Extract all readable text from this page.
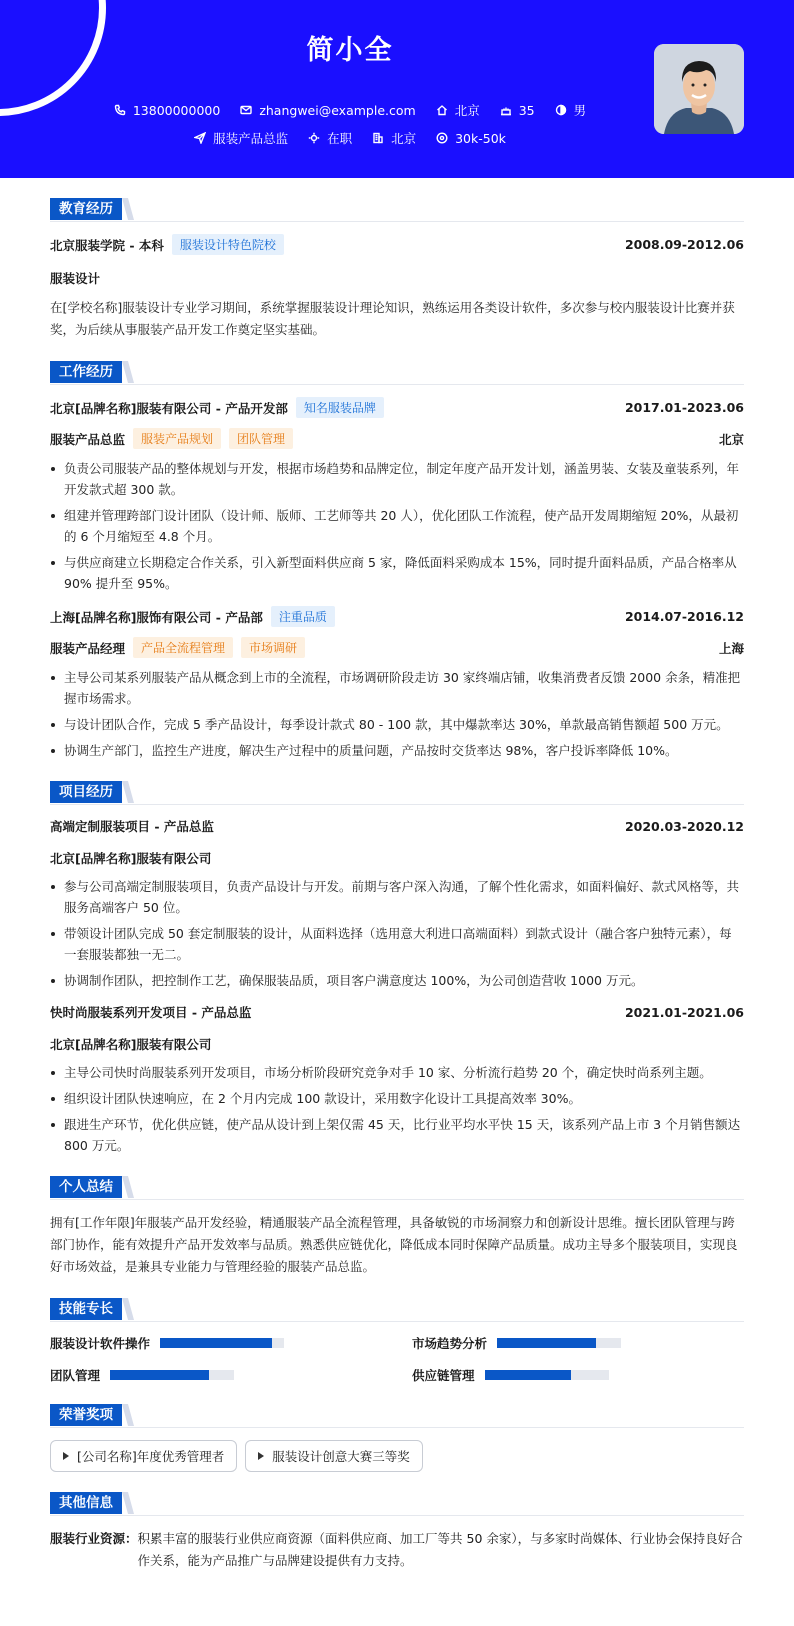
简小全
13800000000	zhangwei@example.com	北京	35	男
服装产品总监	在职	北京	30k-50k
教育经历
北京服装学院 - 本科	服装设计特色院校	2008.09-2012.06
服装设计
在[学校名称]服装设计专业学习期间，系统掌握服装设计理论知识，熟练运用各类设计软件，多次参与校内服装设计比赛并获奖，为后续从事服装产品开发工作奠定坚实基础。
工作经历
北京[品牌名称]服装有限公司 - 产品开发部	知名服装品牌	2017.01-2023.06
服装产品总监	服装产品规划	团队管理	北京
负责公司服装产品的整体规划与开发，根据市场趋势和品牌定位，制定年度产品开发计划，涵盖男装、女装及童装系列，年开发款式超 300 款。
组建并管理跨部门设计团队（设计师、版师、工艺师等共 20 人），优化团队工作流程，使产品开发周期缩短 20%，从最初的 6 个月缩短至 4.8 个月。
与供应商建立长期稳定合作关系，引入新型面料供应商 5 家，降低面料采购成本 15%，同时提升面料品质，产品合格率从 90% 提升至 95%。
上海[品牌名称]服饰有限公司 - 产品部	注重品质	2014.07-2016.12
服装产品经理	产品全流程管理	市场调研	上海
主导公司某系列服装产品从概念到上市的全流程，市场调研阶段走访 30 家终端店铺，收集消费者反馈 2000 余条，精准把握市场需求。
与设计团队合作，完成 5 季产品设计，每季设计款式 80 - 100 款，其中爆款率达 30%，单款最高销售额超 500 万元。
协调生产部门，监控生产进度，解决生产过程中的质量问题，产品按时交货率达 98%，客户投诉率降低 10%。
项目经历
高端定制服装项目 - 产品总监	2020.03-2020.12
北京[品牌名称]服装有限公司
参与公司高端定制服装项目，负责产品设计与开发。前期与客户深入沟通，了解个性化需求，如面料偏好、款式风格等，共服务高端客户 50 位。
带领设计团队完成 50 套定制服装的设计，从面料选择（选用意大利进口高端面料）到款式设计（融合客户独特元素），每一套服装都独一无二。
协调制作团队，把控制作工艺，确保服装品质，项目客户满意度达 100%，为公司创造营收 1000 万元。
快时尚服装系列开发项目 - 产品总监	2021.01-2021.06
北京[品牌名称]服装有限公司
主导公司快时尚服装系列开发项目，市场分析阶段研究竞争对手 10 家、分析流行趋势 20 个，确定快时尚系列主题。
组织设计团队快速响应，在 2 个月内完成 100 款设计，采用数字化设计工具提高效率 30%。
跟进生产环节，优化供应链，使产品从设计到上架仅需 45 天，比行业平均水平快 15 天，该系列产品上市 3 个月销售额达 800 万元。
个人总结
拥有[工作年限]年服装产品开发经验，精通服装产品全流程管理，具备敏锐的市场洞察力和创新设计思维。擅长团队管理与跨部门协作，能有效提升产品开发效率与品质。熟悉供应链优化，降低成本同时保障产品质量。成功主导多个服装项目，实现良好市场效益，是兼具专业能力与管理经验的服装产品总监。
技能专长
服装设计软件操作	市场趋势分析
团队管理	供应链管理
荣誉奖项
[公司名称]年度优秀管理者	服装设计创意大赛三等奖
其他信息
服装行业资源： 积累丰富的服装行业供应商资源（面料供应商、加工厂等共 50 余家），与多家时尚媒体、行业协会保持良好合作关系，能为产品推广与品牌建设提供有力支持。
